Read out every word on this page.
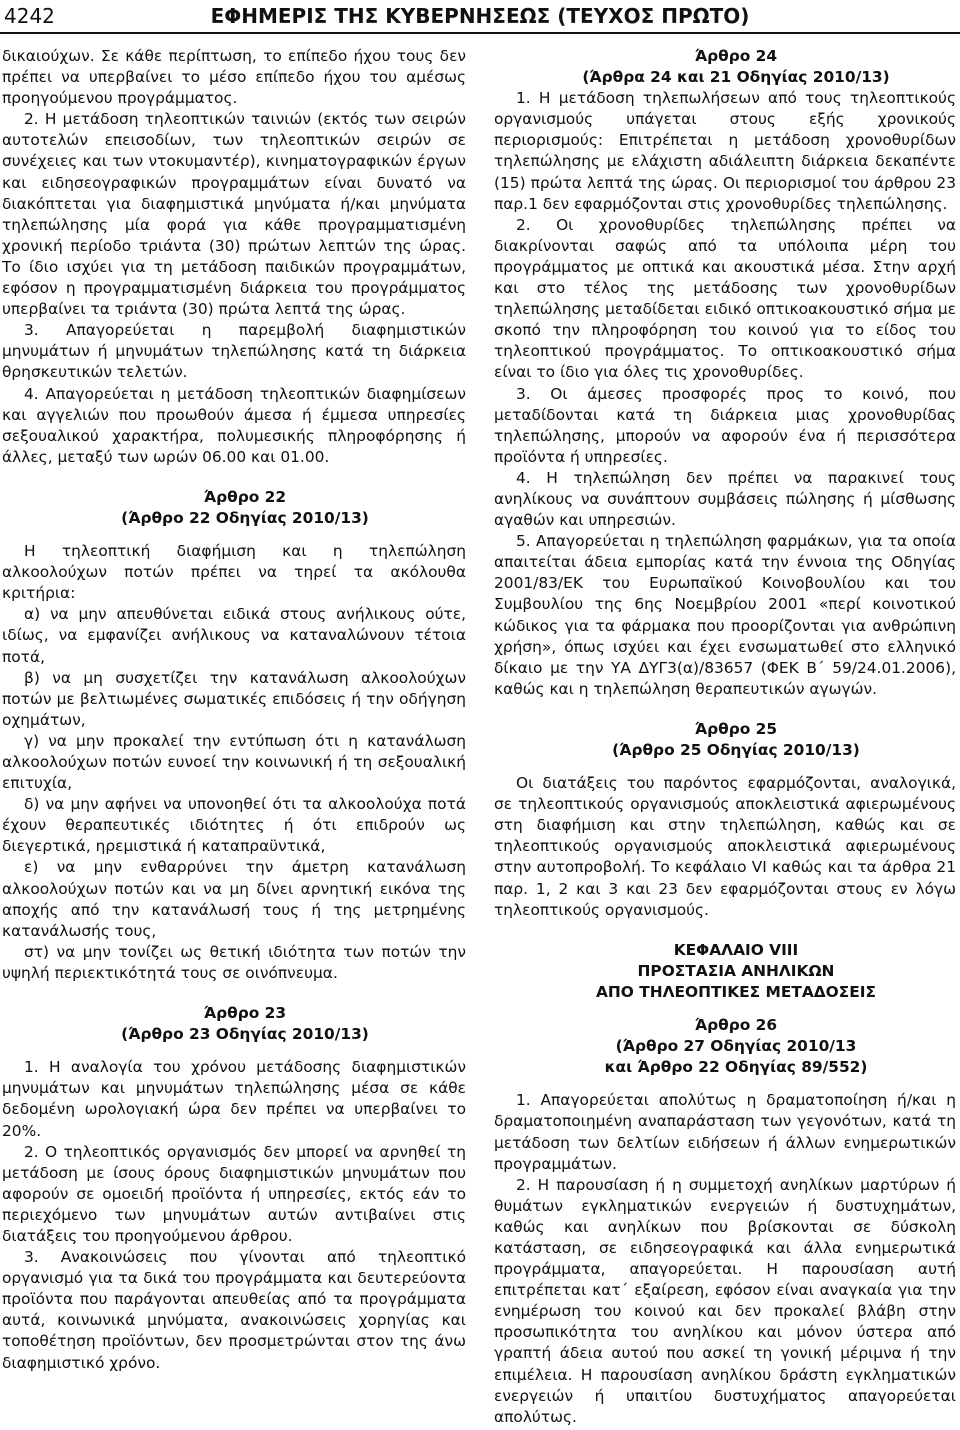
4242	ΕΦΗΜΕΡΙΣ ΤΗΣ ΚΥΒΕΡΝΗΣΕΩΣ (ΤΕΥΧΟΣ ΠΡΩΤΟ)

δικαιούχων. Σε κάθε περίπτωση, το επίπεδο ήχου τους δεν πρέπει να υπερβαίνει το μέσο επίπεδο ήχου του αμέσως προηγούμενου προγράμματος.

2. Η μετάδοση τηλεοπτικών ταινιών (εκτός των σειρών αυτοτελών επεισοδίων, των τηλεοπτικών σειρών σε συνέχειες και των ντοκυμαντέρ), κινηματογραφικών έργων και ειδησεογραφικών προγραμμάτων είναι δυνατό να διακόπτεται για διαφημιστικά μηνύματα ή/και μηνύματα τηλεπώλησης μία φορά για κάθε προγραμματισμένη χρονική περίοδο τριάντα (30) πρώτων λεπτών της ώρας. Το ίδιο ισχύει για τη μετάδοση παιδικών προγραμμάτων, εφόσον η προγραμματισμένη διάρκεια του προγράμματος υπερβαίνει τα τριάντα (30) πρώτα λεπτά της ώρας.

3. Απαγορεύεται η παρεμβολή διαφημιστικών μηνυμάτων ή μηνυμάτων τηλεπώλησης κατά τη διάρκεια θρησκευτικών τελετών.

4. Απαγορεύεται η μετάδοση τηλεοπτικών διαφημίσεων και αγγελιών που προωθούν άμεσα ή έμμεσα υπηρεσίες σεξουαλικού χαρακτήρα, πολυμεσικής πληροφόρησης ή άλλες, μεταξύ των ωρών 06.00 και 01.00.

Άρθρο 22

(Άρθρο 22 Οδηγίας 2010/13)

Η τηλεοπτική διαφήμιση και η τηλεπώληση αλκοολούχων ποτών πρέπει να τηρεί τα ακόλουθα κριτήρια:

α) να μην απευθύνεται ειδικά στους ανήλικους ούτε, ιδίως, να εμφανίζει ανήλικους να καταναλώνουν τέτοια ποτά,

β) να μη συσχετίζει την κατανάλωση αλκοολούχων ποτών με βελτιωμένες σωματικές επιδόσεις ή την οδήγηση οχημάτων,

γ) να μην προκαλεί την εντύπωση ότι η κατανάλωση αλκοολούχων ποτών ευνοεί την κοινωνική ή τη σεξουαλική επιτυχία,

δ) να μην αφήνει να υπονοηθεί ότι τα αλκοολούχα ποτά έχουν θεραπευτικές ιδιότητες ή ότι επιδρούν ως διεγερτικά, ηρεμιστικά ή καταπραϋντικά,

ε) να μην ενθαρρύνει την άμετρη κατανάλωση αλκοολούχων ποτών και να μη δίνει αρνητική εικόνα της αποχής από την κατανάλωσή τους ή της μετρημένης κατανάλωσής τους,

στ) να μην τονίζει ως θετική ιδιότητα των ποτών την υψηλή περιεκτικότητά τους σε οινόπνευμα.

Άρθρο 23

(Άρθρο 23 Οδηγίας 2010/13)

1. Η αναλογία του χρόνου μετάδοσης διαφημιστικών μηνυμάτων και μηνυμάτων τηλεπώλησης μέσα σε κάθε δεδομένη ωρολογιακή ώρα δεν πρέπει να υπερβαίνει το 20%.

2. Ο τηλεοπτικός οργανισμός δεν μπορεί να αρνηθεί τη μετάδοση με ίσους όρους διαφημιστικών μηνυμάτων που αφορούν σε ομοειδή προϊόντα ή υπηρεσίες, εκτός εάν το περιεχόμενο των μηνυμάτων αυτών αντιβαίνει στις διατάξεις του προηγούμενου άρθρου.

3. Ανακοινώσεις που γίνονται από τηλεοπτικό οργανισμό για τα δικά του προγράμματα και δευτερεύοντα προϊόντα που παράγονται απευθείας από τα προγράμματα αυτά, κοινωνικά μηνύματα, ανακοινώσεις χορηγίας και τοποθέτηση προϊόντων, δεν προσμετρώνται στον της άνω διαφημιστικό χρόνο.

Άρθρο 24

(Άρθρα 24 και 21 Οδηγίας 2010/13)

1. Η μετάδοση τηλεπωλήσεων από τους τηλεοπτικούς οργανισμούς υπάγεται στους εξής χρονικούς περιορισμούς: Επιτρέπεται η μετάδοση χρονοθυρίδων τηλεπώλησης με ελάχιστη αδιάλειπτη διάρκεια δεκαπέντε (15) πρώτα λεπτά της ώρας. Οι περιορισμοί του άρθρου 23 παρ.1 δεν εφαρμόζονται στις χρονοθυρίδες τηλεπώλησης.

2. Οι χρονοθυρίδες τηλεπώλησης πρέπει να διακρίνονται σαφώς από τα υπόλοιπα μέρη του προγράμματος με οπτικά και ακουστικά μέσα. Στην αρχή και στο τέλος της μετάδοσης των χρονοθυρίδων τηλεπώλησης μεταδίδεται ειδικό οπτικοακουστικό σήμα με σκοπό την πληροφόρηση του κοινού για το είδος του τηλεοπτικού προγράμματος. Το οπτικοακουστικό σήμα είναι το ίδιο για όλες τις χρονοθυρίδες.

3. Οι άμεσες προσφορές προς το κοινό, που μεταδίδονται κατά τη διάρκεια μιας χρονοθυρίδας τηλεπώλησης, μπορούν να αφορούν ένα ή περισσότερα προϊόντα ή υπηρεσίες.

4. Η τηλεπώληση δεν πρέπει να παρακινεί τους ανηλίκους να συνάπτουν συμβάσεις πώλησης ή μίσθωσης αγαθών και υπηρεσιών.

5. Απαγορεύεται η τηλεπώληση φαρμάκων, για τα οποία απαιτείται άδεια εμπορίας κατά την έννοια της Οδηγίας 2001/83/ΕΚ του Ευρωπαϊκού Κοινοβουλίου και του Συμβουλίου της 6ης Νοεμβρίου 2001 «περί κοινοτικού κώδικος για τα φάρμακα που προορίζονται για ανθρώπινη χρήση», όπως ισχύει και έχει ενσωματωθεί στο ελληνικό δίκαιο με την ΥΑ ΔΥΓ3(α)/83657 (ΦΕΚ Β΄ 59/24.01.2006), καθώς και η τηλεπώληση θεραπευτικών αγωγών.

Άρθρο 25

(Άρθρο 25 Οδηγίας 2010/13)

Οι διατάξεις του παρόντος εφαρμόζονται, αναλογικά, σε τηλεοπτικούς οργανισμούς αποκλειστικά αφιερωμένους στη διαφήμιση και στην τηλεπώληση, καθώς και σε τηλεοπτικούς οργανισμούς αποκλειστικά αφιερωμένους στην αυτοπροβολή. Το κεφάλαιο VI καθώς και τα άρθρα 21 παρ. 1, 2 και 3 και 23 δεν εφαρμόζονται στους εν λόγω τηλεοπτικούς οργανισμούς.

ΚΕΦΑΛΑΙΟ VIII

ΠΡΟΣΤΑΣΙΑ ΑΝΗΛΙΚΩΝ

ΑΠΟ ΤΗΛΕΟΠΤΙΚΕΣ ΜΕΤΑΔΟΣΕΙΣ

Άρθρο 26

(Άρθρο 27 Οδηγίας 2010/13

και Άρθρο 22 Οδηγίας 89/552)

1. Απαγορεύεται απολύτως η δραματοποίηση ή/και η δραματοποιημένη αναπαράσταση των γεγονότων, κατά τη μετάδοση των δελτίων ειδήσεων ή άλλων ενημερωτικών προγραμμάτων.

2. Η παρουσίαση ή η συμμετοχή ανηλίκων μαρτύρων ή θυμάτων εγκληματικών ενεργειών ή δυστυχημάτων, καθώς και ανηλίκων που βρίσκονται σε δύσκολη κατάσταση, σε ειδησεογραφικά και άλλα ενημερωτικά προγράμματα, απαγορεύεται. Η παρουσίαση αυτή επιτρέπεται κατ΄ εξαίρεση, εφόσον είναι αναγκαία για την ενημέρωση του κοινού και δεν προκαλεί βλάβη στην προσωπικότητα του ανηλίκου και μόνον ύστερα από γραπτή άδεια αυτού που ασκεί τη γονική μέριμνα ή την επιμέλεια. Η παρουσίαση ανηλίκου δράστη εγκληματικών ενεργειών ή υπαιτίου δυστυχήματος απαγορεύεται απολύτως.
